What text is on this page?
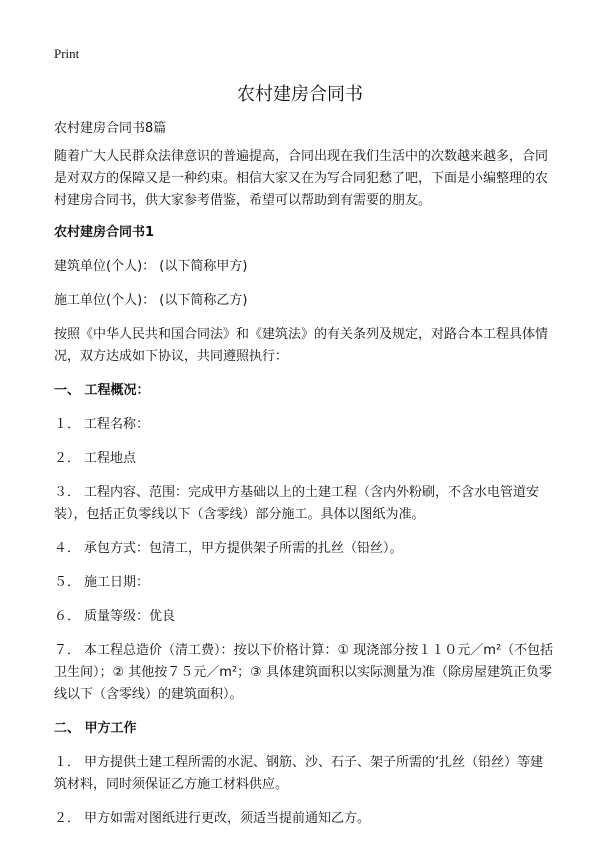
Print
农村建房合同书

农村建房合同书8篇

随着广大人民群众法律意识的普遍提高，合同出现在我们生活中的次数越来越多，合同是对双方的保障又是一种约束。相信大家又在为写合同犯愁了吧，下面是小编整理的农村建房合同书，供大家参考借鉴，希望可以帮助到有需要的朋友。

农村建房合同书1

建筑单位(个人)： (以下简称甲方)

施工单位(个人)： (以下简称乙方)

按照《中华人民共和国合同法》和《建筑法》的有关条列及规定，对路合本工程具体情况，双方达成如下协议，共同遵照执行：

一、 工程概况：

１． 工程名称：

２． 工程地点

３． 工程内容、范围：完成甲方基础以上的土建工程（含内外粉刷，不含水电管道安装），包括正负零线以下（含零线）部分施工。具体以图纸为准。

４． 承包方式：包清工，甲方提供架子所需的扎丝（铅丝）。

５． 施工日期：

６． 质量等级：优良

７． 本工程总造价（清工费）：按以下价格计算：① 现浇部分按１１０元／m²（不包括卫生间）；② 其他按７５元／m²；③ 具体建筑面积以实际测量为准（除房屋建筑正负零线以下（含零线）的建筑面积）。

二、 甲方工作

１． 甲方提供土建工程所需的水泥、钢筋、沙、石子、架子所需的‘扎丝（铅丝）等建筑材料，同时须保证乙方施工材料供应。

２． 甲方如需对图纸进行更改，须适当提前通知乙方。
